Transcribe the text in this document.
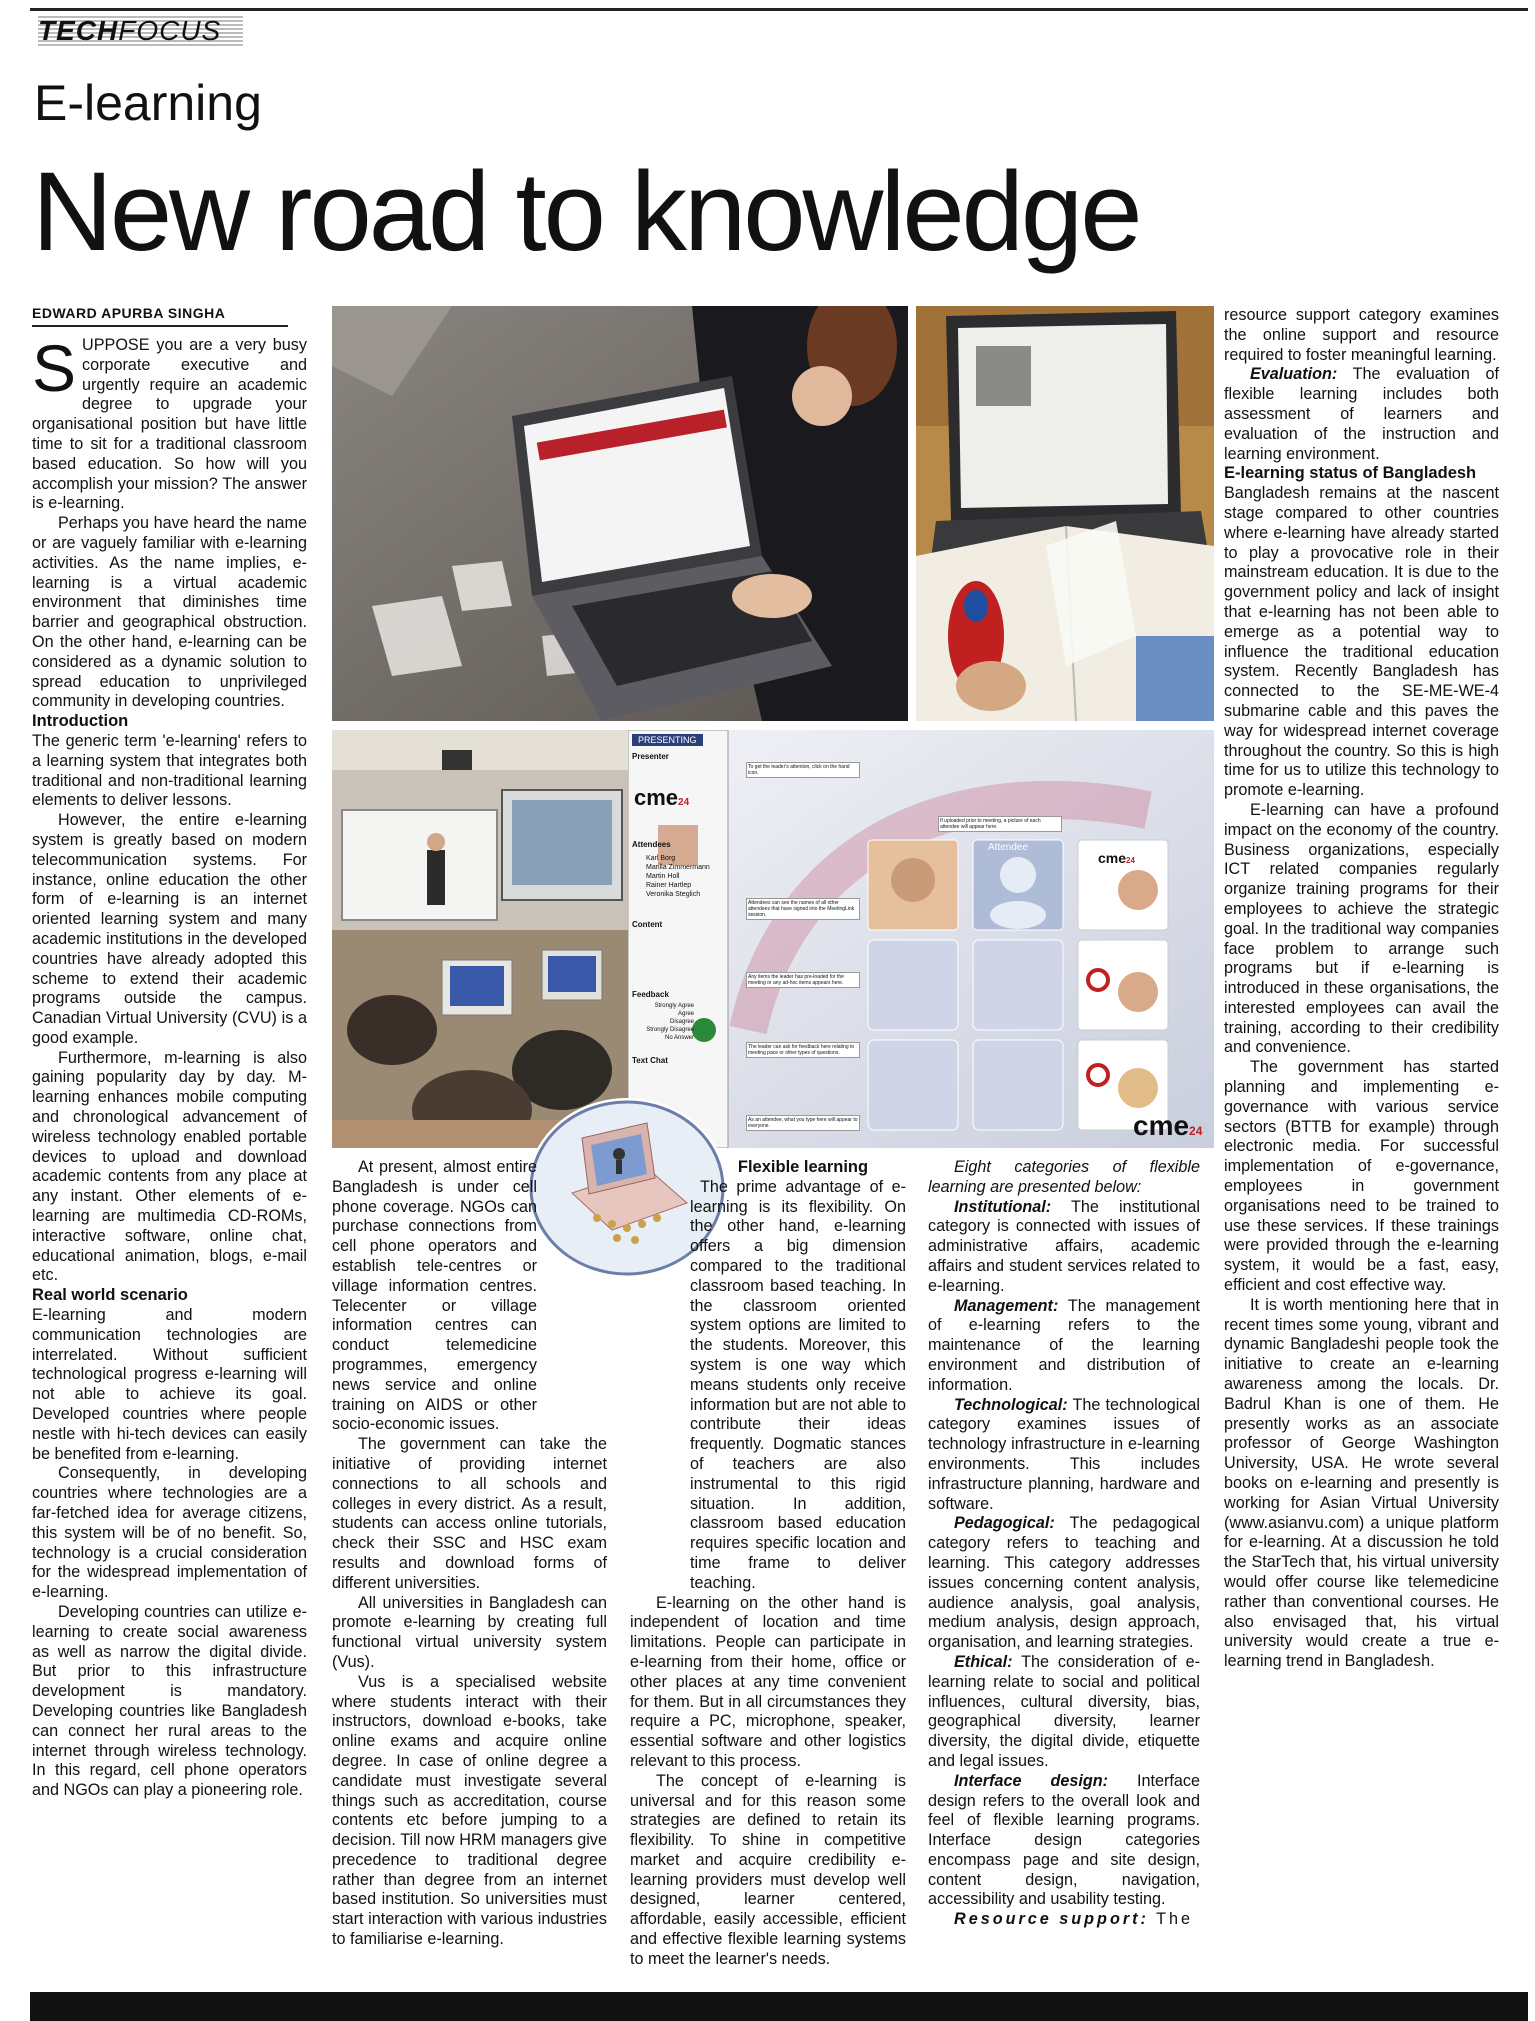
TECHFOCUS
E-learning
New road to knowledge
EDWARD APURBA SINGHA

SUPPOSE you are a very busy corporate executive and urgently require an academic degree to upgrade your organisational position but have little time to sit for a traditional classroom based education. So how will you accomplish your mission? The answer is e-learning.

Perhaps you have heard the name or are vaguely familiar with e-learning activities. As the name implies, e-learning is a virtual academic environment that diminishes time barrier and geographical obstruction. On the other hand, e-learning can be considered as a dynamic solution to spread education to unprivileged community in developing countries.

Introduction

The generic term 'e-learning' refers to a learning system that integrates both traditional and non-traditional learning elements to deliver lessons.

However, the entire e-learning system is greatly based on modern telecommunication systems. For instance, online education the other form of e-learning is an internet oriented learning system and many academic institutions in the developed countries have already adopted this scheme to extend their academic programs outside the campus. Canadian Virtual University (CVU) is a good example.

Furthermore, m-learning is also gaining popularity day by day. M-learning enhances mobile computing and chronological advancement of wireless technology enabled portable devices to upload and download academic contents from any place at any instant. Other elements of e-learning are multimedia CD-ROMs, interactive software, online chat, educational animation, blogs, e-mail etc.

Real world scenario

E-learning and modern communication technologies are interrelated. Without sufficient technological progress e-learning will not able to achieve its goal. Developed countries where people nestle with hi-tech devices can easily be benefited from e-learning.

Consequently, in developing countries where technologies are a far-fetched idea for average citizens, this system will be of no benefit. So, technology is a crucial consideration for the widespread implementation of e-learning.

Developing countries can utilize e-learning to create social awareness as well as narrow the digital divide. But prior to this infrastructure development is mandatory. Developing countries like Bangladesh can connect her rural areas to the internet through wireless technology. In this regard, cell phone operators and NGOs can play a pioneering role.

PRESENTING
Presenter
Attendees
Karl Borg
Marilla Zimmermann
Martin Holl
Rainer Hartlep
Veronika Steglich
Content
Feedback
Strongly Agree
Agree
Disagree
Strongly Disagree
No Answer
Text Chat
cme24
cme24
cme24
Attendee
To get the leader's attention, click on the hand icon.
If uploaded prior to meeting, a picture of each attendee will appear here.
Attendees can see the names of all other attendees that have signed into the MeetingLink session.
Any items the leader has pre-loaded for the meeting or any ad-hoc items appears here.
The leader can ask for feedback here relating to meeting pace or other types of questions.
As an attendee, what you type here will appear to everyone.

At present, almost entire Bangladesh is under cell phone coverage. NGOs can purchase connections from cell phone operators and establish tele-centres or village information centres. Telecenter or village information centres can conduct telemedicine programmes, emergency news service and online training on AIDS or other socio-economic issues.

The government can take the initiative of providing internet connections to all schools and colleges in every district. As a result, students can access online tutorials, check their SSC and HSC exam results and download forms of different universities.

All universities in Bangladesh can promote e-learning by creating full functional virtual university system (Vus).

Vus is a specialised website where students interact with their instructors, download e-books, take online exams and acquire online degree. In case of online degree a candidate must investigate several things such as accreditation, course contents etc before jumping to a decision. Till now HRM managers give precedence to traditional degree rather than degree from an internet based institution. So universities must start interaction with various industries to familiarise e-learning.

Flexible learning

The prime advantage of e-learning is its flexibility. On the other hand, e-learning offers a big dimension compared to the traditional classroom based teaching. In the classroom oriented system options are limited to the students. Moreover, this system is one way which means students only receive information but are not able to contribute their ideas frequently. Dogmatic stances of teachers are also instrumental to this rigid situation. In addition, classroom based education requires specific location and time frame to deliver teaching.

E-learning on the other hand is independent of location and time limitations. People can participate in e-learning from their home, office or other places at any time convenient for them. But in all circumstances they require a PC, microphone, speaker, essential software and other logistics relevant to this process.

The concept of e-learning is universal and for this reason some strategies are defined to retain its flexibility. To shine in competitive market and acquire credibility e-learning providers must develop well designed, learner centered, affordable, easily accessible, efficient and effective flexible learning systems to meet the learner's needs.

Eight categories of flexible learning are presented below:

Institutional: The institutional category is connected with issues of administrative affairs, academic affairs and student services related to e-learning.

Management: The management of e-learning refers to the maintenance of the learning environment and distribution of information.

Technological: The technological category examines issues of technology infrastructure in e-learning environments. This includes infrastructure planning, hardware and software.

Pedagogical: The pedagogical category refers to teaching and learning. This category addresses issues concerning content analysis, audience analysis, goal analysis, medium analysis, design approach, organisation, and learning strategies.

Ethical: The consideration of e-learning relate to social and political influences, cultural diversity, bias, geographical diversity, learner diversity, the digital divide, etiquette and legal issues.

Interface design: Interface design refers to the overall look and feel of flexible learning programs. Interface design categories encompass page and site design, content design, navigation, accessibility and usability testing.

Resource support: The

resource support category examines the online support and resource required to foster meaningful learning.

Evaluation: The evaluation of flexible learning includes both assessment of learners and evaluation of the instruction and learning environment.

E-learning status of Bangladesh

Bangladesh remains at the nascent stage compared to other countries where e-learning have already started to play a provocative role in their mainstream education. It is due to the government policy and lack of insight that e-learning has not been able to emerge as a potential way to influence the traditional education system. Recently Bangladesh has connected to the SE-ME-WE-4 submarine cable and this paves the way for widespread internet coverage throughout the country. So this is high time for us to utilize this technology to promote e-learning.

E-learning can have a profound impact on the economy of the country. Business organizations, especially ICT related companies regularly organize training programs for their employees to achieve the strategic goal. In the traditional way companies face problem to arrange such programs but if e-learning is introduced in these organisations, the interested employees can avail the training, according to their credibility and convenience.

The government has started planning and implementing e-governance with various service sectors (BTTB for example) through electronic media. For successful implementation of e-governance, employees in government organisations need to be trained to use these services. If these trainings were provided through the e-learning system, it would be a fast, easy, efficient and cost effective way.

It is worth mentioning here that in recent times some young, vibrant and dynamic Bangladeshi people took the initiative to create an e-learning awareness among the locals. Dr. Badrul Khan is one of them. He presently works as an associate professor of George Washington University, USA. He wrote several books on e-learning and presently is working for Asian Virtual University (www.asianvu.com) a unique platform for e-learning. At a discussion he told the StarTech that, his virtual university would offer course like telemedicine rather than conventional courses. He also envisaged that, his virtual university would create a true e-learning trend in Bangladesh.
